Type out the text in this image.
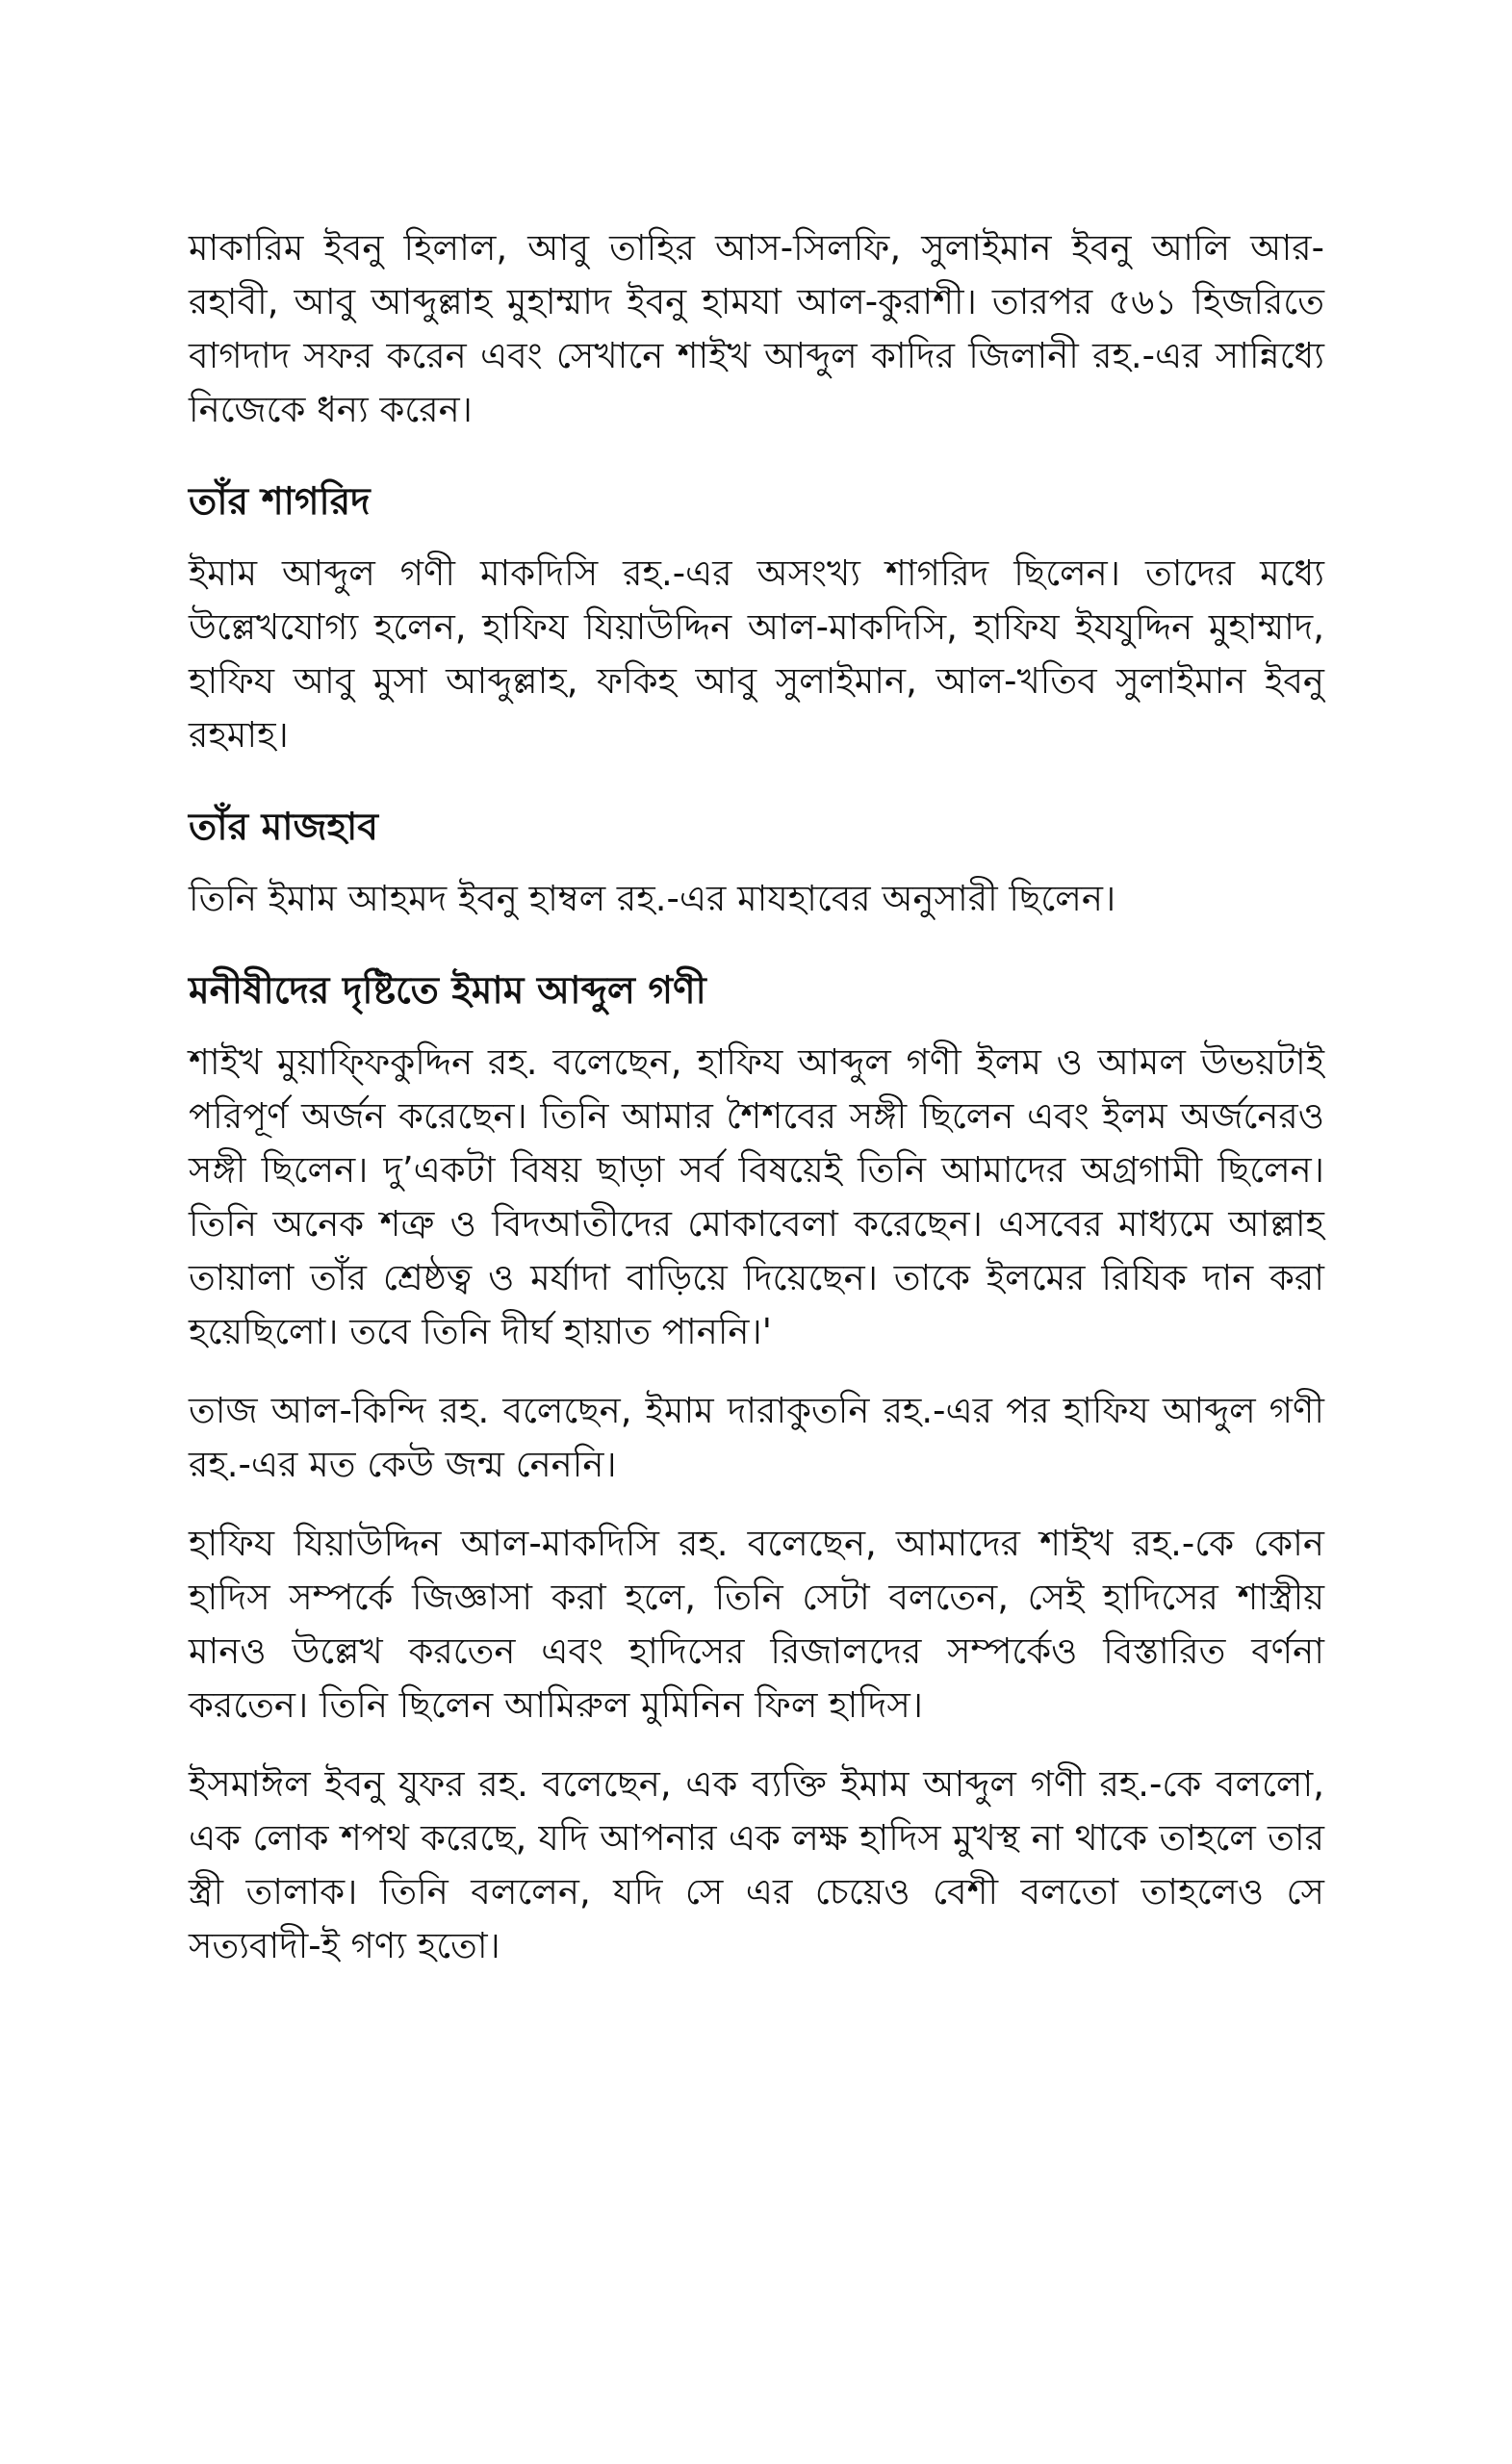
মাকারিম ইবনু হিলাল, আবু তাহির আস-সিলফি, সুলাইমান ইবনু আলি আর-রহাবী, আবু আব্দুল্লাহ মুহাম্মাদ ইবনু হামযা আল-কুরাশী। তারপর ৫৬১ হিজরিতে বাগদাদ সফর করেন এবং সেখানে শাইখ আব্দুল কাদির জিলানী রহ.-এর সান্নিধ্যে নিজেকে ধন্য করেন।

তাঁর শাগরিদ

ইমাম আব্দুল গণী মাকদিসি রহ.-এর অসংখ্য শাগরিদ ছিলেন। তাদের মধ্যে উল্লেখযোগ্য হলেন, হাফিয যিয়াউদ্দিন আল-মাকদিসি, হাফিয ইযযুদ্দিন মুহাম্মাদ, হাফিয আবু মুসা আব্দুল্লাহ, ফকিহ আবু সুলাইমান, আল-খতিব সুলাইমান ইবনু রহমাহ।

তাঁর মাজহাব

তিনি ইমাম আহমদ ইবনু হাম্বল রহ.-এর মাযহাবের অনুসারী ছিলেন।

মনীষীদের দৃষ্টিতে ইমাম আব্দুল গণী

শাইখ মুয়াফ্ফিকুদ্দিন রহ. বলেছেন, হাফিয আব্দুল গণী ইলম ও আমল উভয়টাই পরিপূর্ণ অর্জন করেছেন। তিনি আমার শৈশবের সঙ্গী ছিলেন এবং ইলম অর্জনেরও সঙ্গী ছিলেন। দু’একটা বিষয় ছাড়া সর্ব বিষয়েই তিনি আমাদের অগ্রগামী ছিলেন। তিনি অনেক শত্রু ও বিদআতীদের মোকাবেলা করেছেন। এসবের মাধ্যমে আল্লাহ তায়ালা তাঁর শ্রেষ্ঠত্ব ও মর্যাদা বাড়িয়ে দিয়েছেন। তাকে ইলমের রিযিক দান করা হয়েছিলো। তবে তিনি দীর্ঘ হায়াত পাননি।'

তাজ আল-কিন্দি রহ. বলেছেন, ইমাম দারাকুতনি রহ.-এর পর হাফিয আব্দুল গণী রহ.-এর মত কেউ জন্ম নেননি।

হাফিয যিয়াউদ্দিন আল-মাকদিসি রহ. বলেছেন, আমাদের শাইখ রহ.-কে কোন হাদিস সম্পর্কে জিজ্ঞাসা করা হলে, তিনি সেটা বলতেন, সেই হাদিসের শাস্ত্রীয় মানও উল্লেখ করতেন এবং হাদিসের রিজালদের সম্পর্কেও বিস্তারিত বর্ণনা করতেন। তিনি ছিলেন আমিরুল মুমিনিন ফিল হাদিস।

ইসমাঈল ইবনু যুফর রহ. বলেছেন, এক ব্যক্তি ইমাম আব্দুল গণী রহ.-কে বললো, এক লোক শপথ করেছে, যদি আপনার এক লক্ষ হাদিস মুখস্থ না থাকে তাহলে তার স্ত্রী তালাক। তিনি বললেন, যদি সে এর চেয়েও বেশী বলতো তাহলেও সে সত্যবাদী-ই গণ্য হতো।
